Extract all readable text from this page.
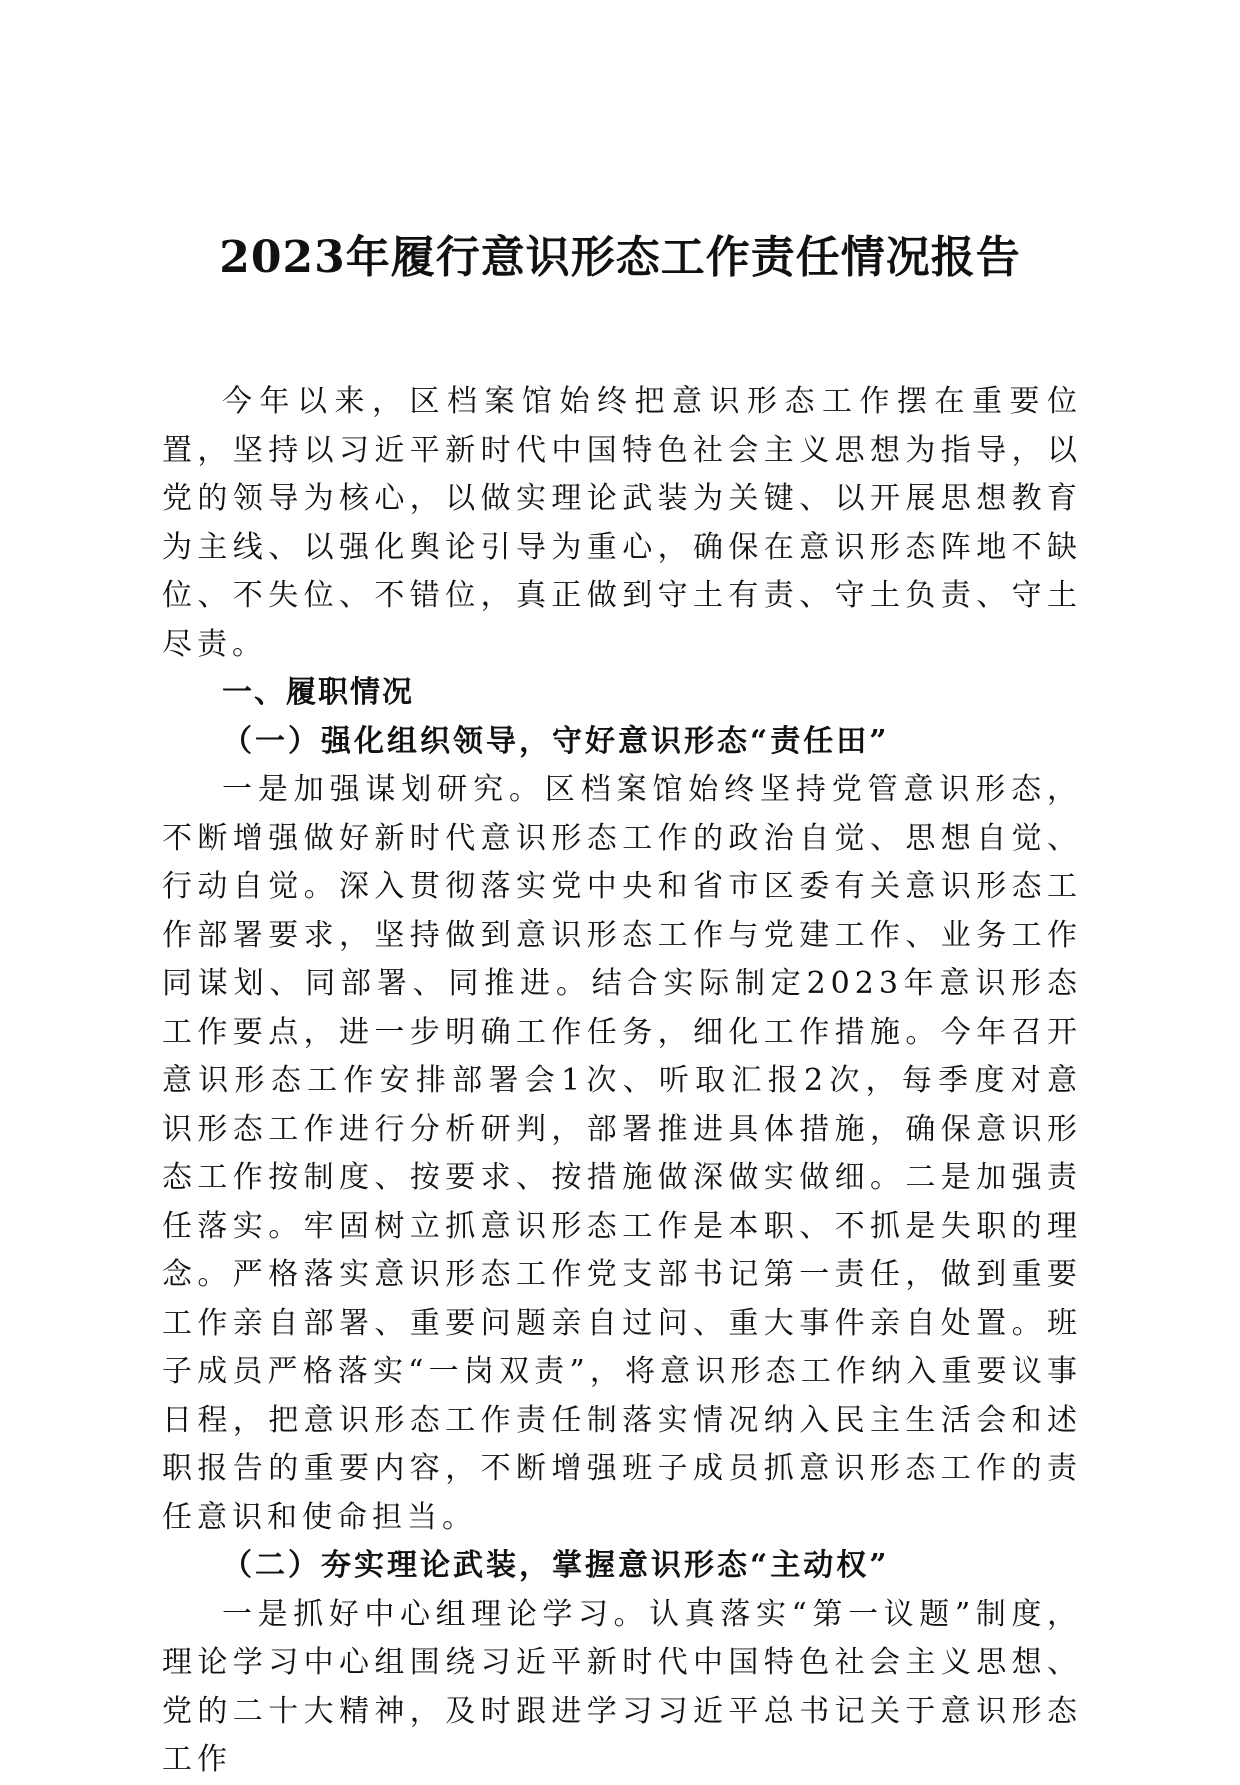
2023年履行意识形态工作责任情况报告

今年以来，区档案馆始终把意识形态工作摆在重要位置，坚持以习近平新时代中国特色社会主义思想为指导，以党的领导为核心，以做实理论武装为关键、以开展思想教育为主线、以强化舆论引导为重心，确保在意识形态阵地不缺位、不失位、不错位，真正做到守土有责、守土负责、守土尽责。

一、履职情况

（一）强化组织领导，守好意识形态“责任田”

一是加强谋划研究。区档案馆始终坚持党管意识形态，不断增强做好新时代意识形态工作的政治自觉、思想自觉、行动自觉。深入贯彻落实党中央和省市区委有关意识形态工作部署要求，坚持做到意识形态工作与党建工作、业务工作同谋划、同部署、同推进。结合实际制定2023年意识形态工作要点，进一步明确工作任务，细化工作措施。今年召开意识形态工作安排部署会1次、听取汇报2次，每季度对意识形态工作进行分析研判，部署推进具体措施，确保意识形态工作按制度、按要求、按措施做深做实做细。二是加强责任落实。牢固树立抓意识形态工作是本职、不抓是失职的理念。严格落实意识形态工作党支部书记第一责任，做到重要工作亲自部署、重要问题亲自过问、重大事件亲自处置。班子成员严格落实“一岗双责”，将意识形态工作纳入重要议事日程，把意识形态工作责任制落实情况纳入民主生活会和述职报告的重要内容，不断增强班子成员抓意识形态工作的责任意识和使命担当。

（二）夯实理论武装，掌握意识形态“主动权”

一是抓好中心组理论学习。认真落实“第一议题”制度，理论学习中心组围绕习近平新时代中国特色社会主义思想、党的二十大精神，及时跟进学习习近平总书记关于意识形态工作
